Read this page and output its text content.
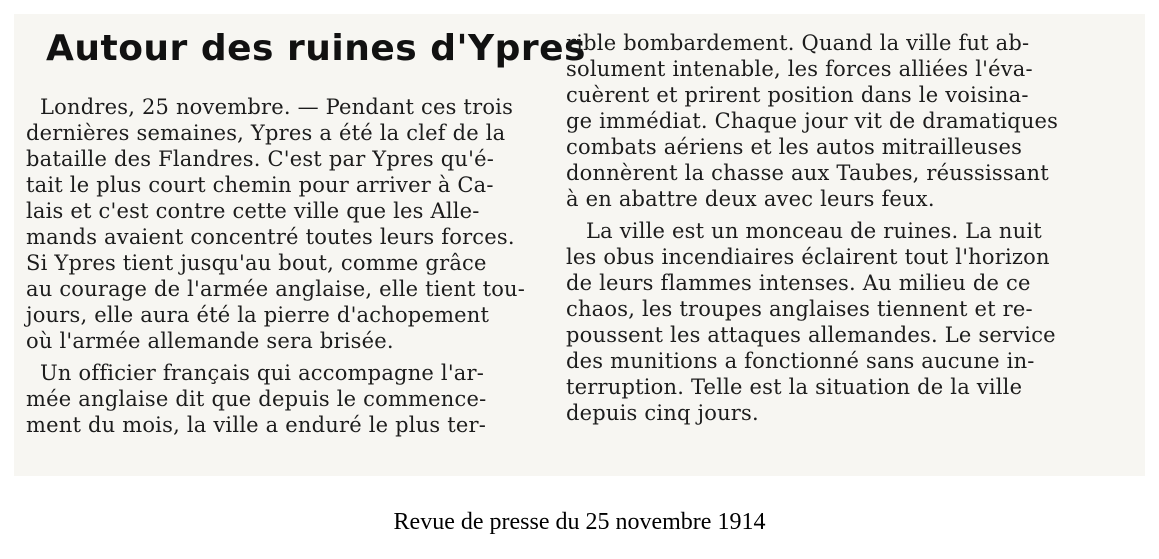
Autour des ruines d'Ypres
Londres, 25 novembre. — Pendant ces trois
dernières semaines, Ypres a été la clef de la
bataille des Flandres. C'est par Ypres qu'é-
tait le plus court chemin pour arriver à Ca-
lais et c'est contre cette ville que les Alle-
mands avaient concentré toutes leurs forces.
Si Ypres tient jusqu'au bout, comme grâce
au courage de l'armée anglaise, elle tient tou-
jours, elle aura été la pierre d'achopement
où l'armée allemande sera brisée.
Un officier français qui accompagne l'ar-
mée anglaise dit que depuis le commence-
ment du mois, la ville a enduré le plus ter-
rible bombardement. Quand la ville fut ab-
solument intenable, les forces alliées l'éva-
cuèrent et prirent position dans le voisina-
ge immédiat. Chaque jour vit de dramatiques
combats aériens et les autos mitrailleuses
donnèrent la chasse aux Taubes, réussissant
à en abattre deux avec leurs feux.
La ville est un monceau de ruines. La nuit
les obus incendiaires éclairent tout l'horizon
de leurs flammes intenses. Au milieu de ce
chaos, les troupes anglaises tiennent et re-
poussent les attaques allemandes. Le service
des munitions a fonctionné sans aucune in-
terruption. Telle est la situation de la ville
depuis cinq jours.
Revue de presse du 25 novembre 1914
